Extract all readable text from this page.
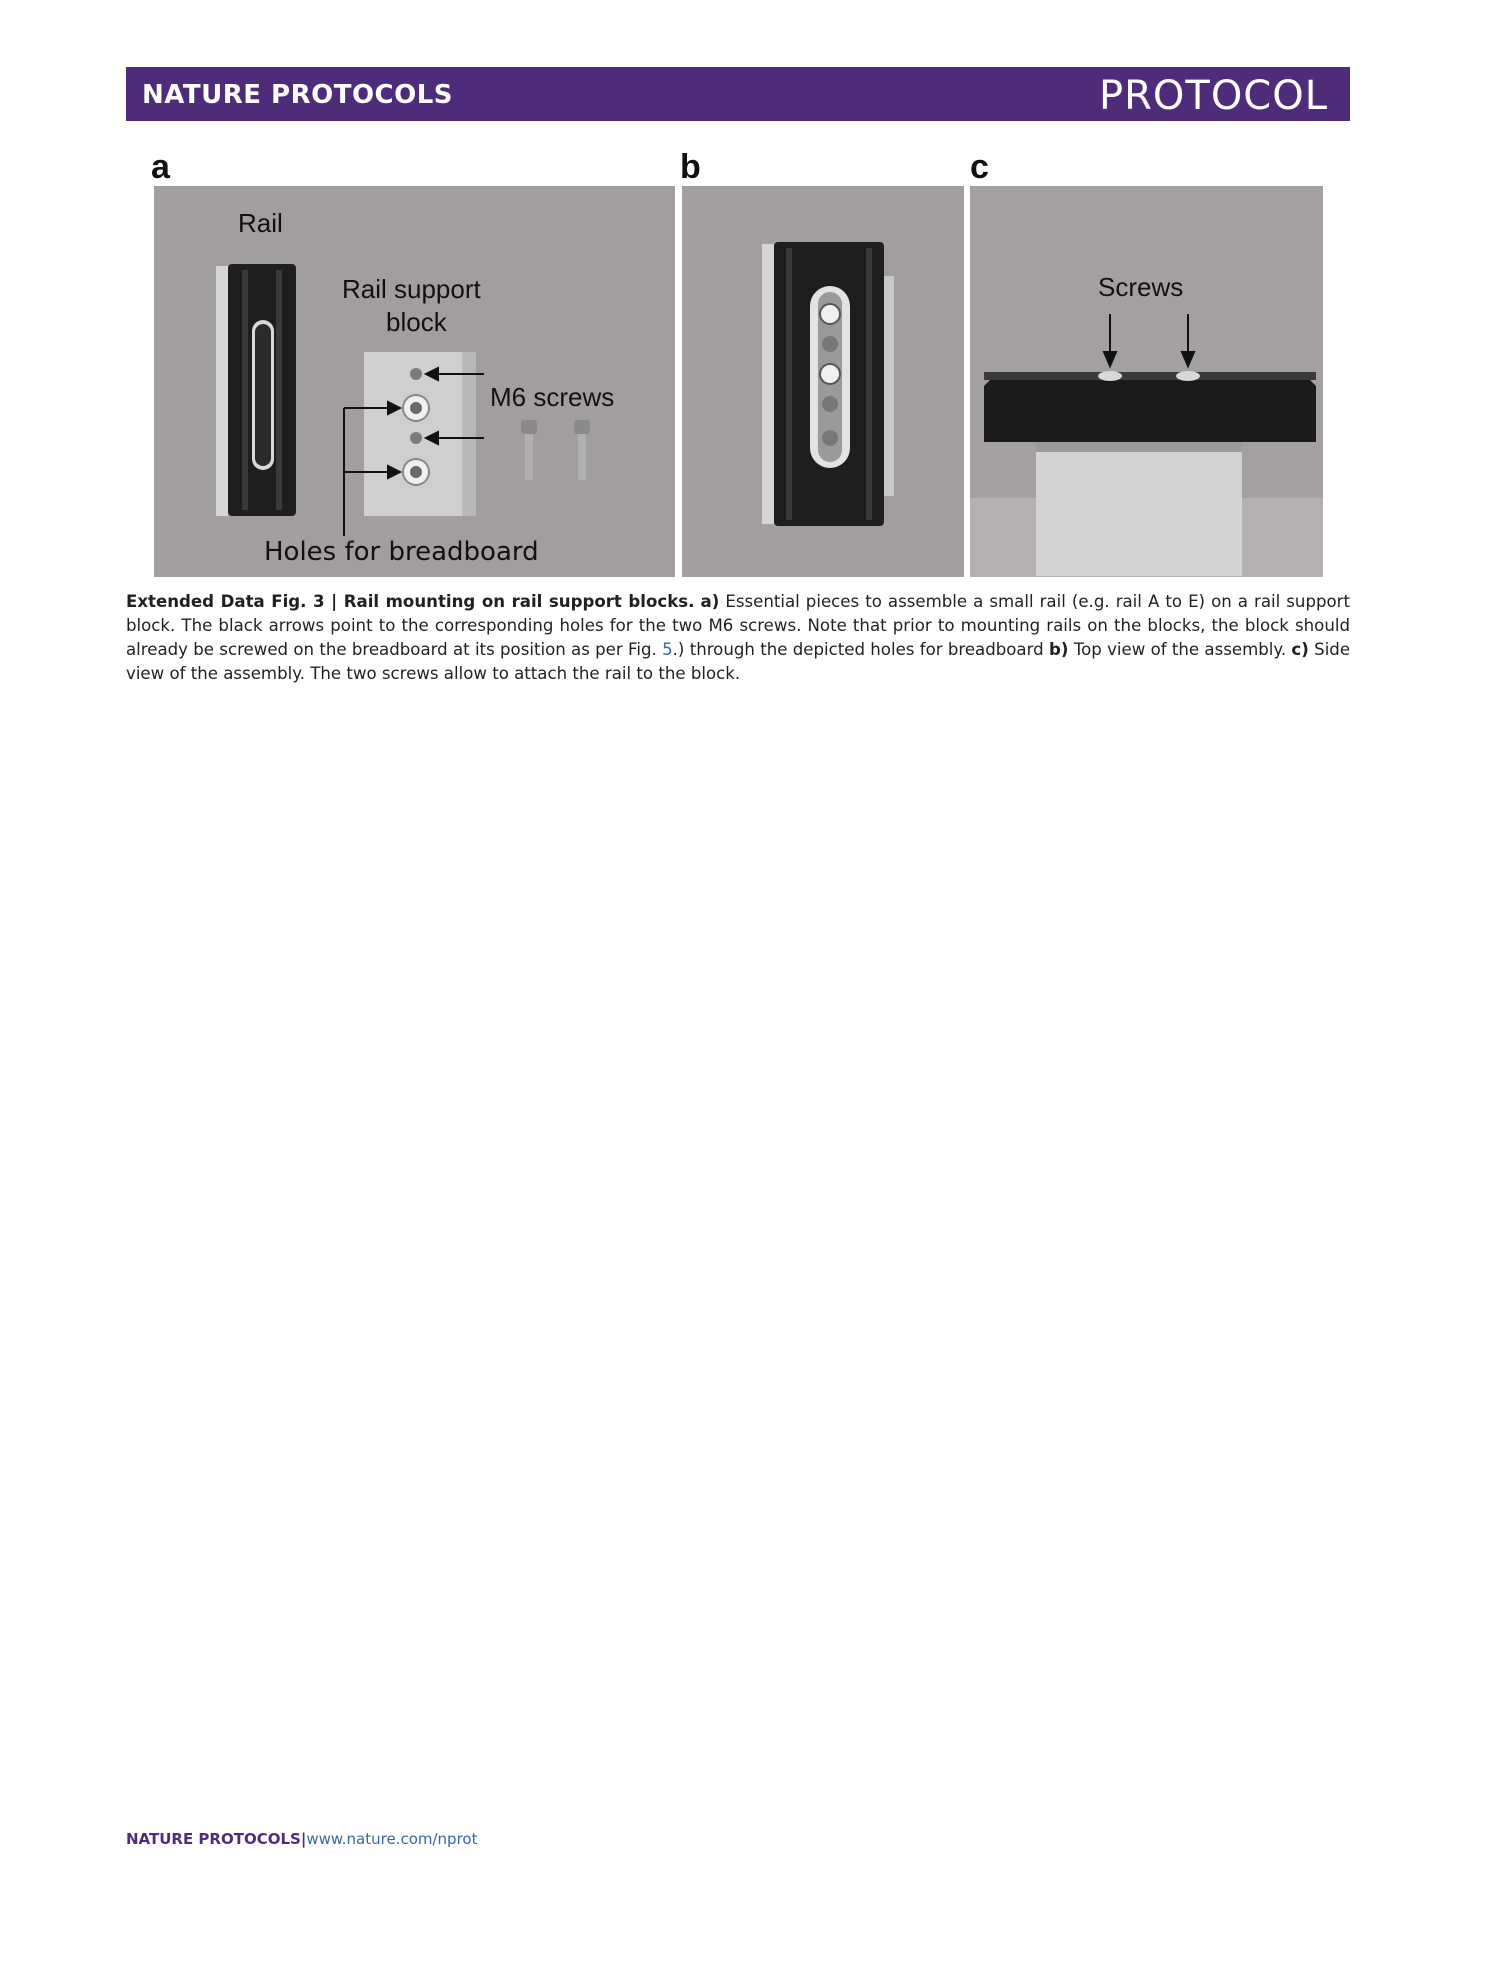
NATURE PROTOCOLS	PROTOCOL
a	b	c
Rail
Rail support
block
M6 screws
Holes for breadboard
Screws
Extended Data Fig. 3 | Rail mounting on rail support blocks. a) Essential pieces to assemble a small rail (e.g. rail A to E) on a rail support block. The black arrows point to the corresponding holes for the two M6 screws. Note that prior to mounting rails on the blocks, the block should already be screwed on the breadboard at its position as per Fig. 5.) through the depicted holes for breadboard b) Top view of the assembly. c) Side view of the assembly. The two screws allow to attach the rail to the block.
NATURE PROTOCOLS|www.nature.com/nprot
